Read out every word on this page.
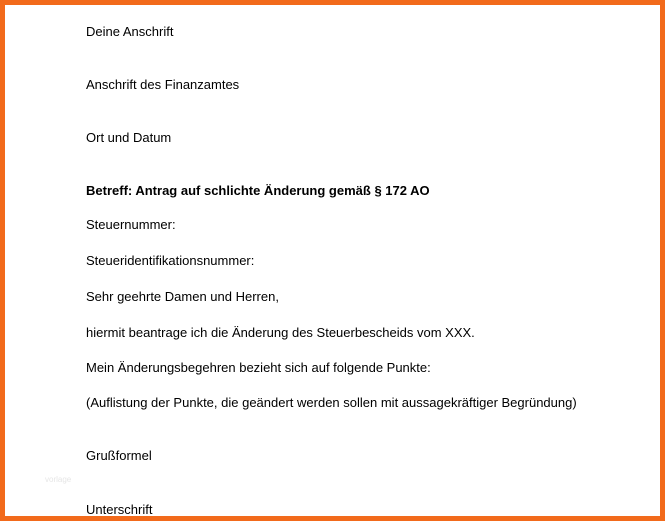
Deine Anschrift
Anschrift des Finanzamtes
Ort und Datum
Betreff: Antrag auf schlichte Änderung gemäß § 172 AO
Steuernummer:
Steueridentifikationsnummer:
Sehr geehrte Damen und Herren,
hiermit beantrage ich die Änderung des Steuerbescheids vom XXX.
Mein Änderungsbegehren bezieht sich auf folgende Punkte:
(Auflistung der Punkte, die geändert werden sollen mit aussagekräftiger Begründung)
Grußformel
vorlage
Unterschrift
